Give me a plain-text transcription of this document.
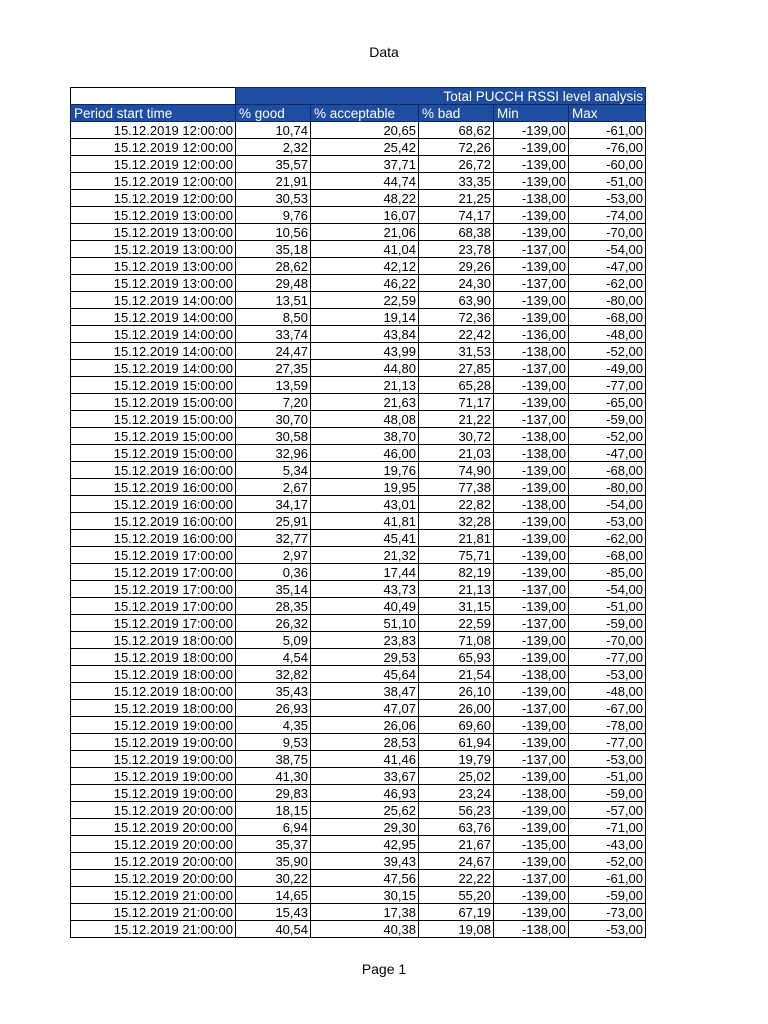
Data
	Total PUCCH RSSI level analysis				
Period start time	% good	% acceptable	% bad	Min	Max
15.12.2019 12:00:00	10,74	20,65	68,62	-139,00	-61,00
15.12.2019 12:00:00	2,32	25,42	72,26	-139,00	-76,00
15.12.2019 12:00:00	35,57	37,71	26,72	-139,00	-60,00
15.12.2019 12:00:00	21,91	44,74	33,35	-139,00	-51,00
15.12.2019 12:00:00	30,53	48,22	21,25	-138,00	-53,00
15.12.2019 13:00:00	9,76	16,07	74,17	-139,00	-74,00
15.12.2019 13:00:00	10,56	21,06	68,38	-139,00	-70,00
15.12.2019 13:00:00	35,18	41,04	23,78	-137,00	-54,00
15.12.2019 13:00:00	28,62	42,12	29,26	-139,00	-47,00
15.12.2019 13:00:00	29,48	46,22	24,30	-137,00	-62,00
15.12.2019 14:00:00	13,51	22,59	63,90	-139,00	-80,00
15.12.2019 14:00:00	8,50	19,14	72,36	-139,00	-68,00
15.12.2019 14:00:00	33,74	43,84	22,42	-136,00	-48,00
15.12.2019 14:00:00	24,47	43,99	31,53	-138,00	-52,00
15.12.2019 14:00:00	27,35	44,80	27,85	-137,00	-49,00
15.12.2019 15:00:00	13,59	21,13	65,28	-139,00	-77,00
15.12.2019 15:00:00	7,20	21,63	71,17	-139,00	-65,00
15.12.2019 15:00:00	30,70	48,08	21,22	-137,00	-59,00
15.12.2019 15:00:00	30,58	38,70	30,72	-138,00	-52,00
15.12.2019 15:00:00	32,96	46,00	21,03	-138,00	-47,00
15.12.2019 16:00:00	5,34	19,76	74,90	-139,00	-68,00
15.12.2019 16:00:00	2,67	19,95	77,38	-139,00	-80,00
15.12.2019 16:00:00	34,17	43,01	22,82	-138,00	-54,00
15.12.2019 16:00:00	25,91	41,81	32,28	-139,00	-53,00
15.12.2019 16:00:00	32,77	45,41	21,81	-139,00	-62,00
15.12.2019 17:00:00	2,97	21,32	75,71	-139,00	-68,00
15.12.2019 17:00:00	0,36	17,44	82,19	-139,00	-85,00
15.12.2019 17:00:00	35,14	43,73	21,13	-137,00	-54,00
15.12.2019 17:00:00	28,35	40,49	31,15	-139,00	-51,00
15.12.2019 17:00:00	26,32	51,10	22,59	-137,00	-59,00
15.12.2019 18:00:00	5,09	23,83	71,08	-139,00	-70,00
15.12.2019 18:00:00	4,54	29,53	65,93	-139,00	-77,00
15.12.2019 18:00:00	32,82	45,64	21,54	-138,00	-53,00
15.12.2019 18:00:00	35,43	38,47	26,10	-139,00	-48,00
15.12.2019 18:00:00	26,93	47,07	26,00	-137,00	-67,00
15.12.2019 19:00:00	4,35	26,06	69,60	-139,00	-78,00
15.12.2019 19:00:00	9,53	28,53	61,94	-139,00	-77,00
15.12.2019 19:00:00	38,75	41,46	19,79	-137,00	-53,00
15.12.2019 19:00:00	41,30	33,67	25,02	-139,00	-51,00
15.12.2019 19:00:00	29,83	46,93	23,24	-138,00	-59,00
15.12.2019 20:00:00	18,15	25,62	56,23	-139,00	-57,00
15.12.2019 20:00:00	6,94	29,30	63,76	-139,00	-71,00
15.12.2019 20:00:00	35,37	42,95	21,67	-135,00	-43,00
15.12.2019 20:00:00	35,90	39,43	24,67	-139,00	-52,00
15.12.2019 20:00:00	30,22	47,56	22,22	-137,00	-61,00
15.12.2019 21:00:00	14,65	30,15	55,20	-139,00	-59,00
15.12.2019 21:00:00	15,43	17,38	67,19	-139,00	-73,00
15.12.2019 21:00:00	40,54	40,38	19,08	-138,00	-53,00
Page 1
